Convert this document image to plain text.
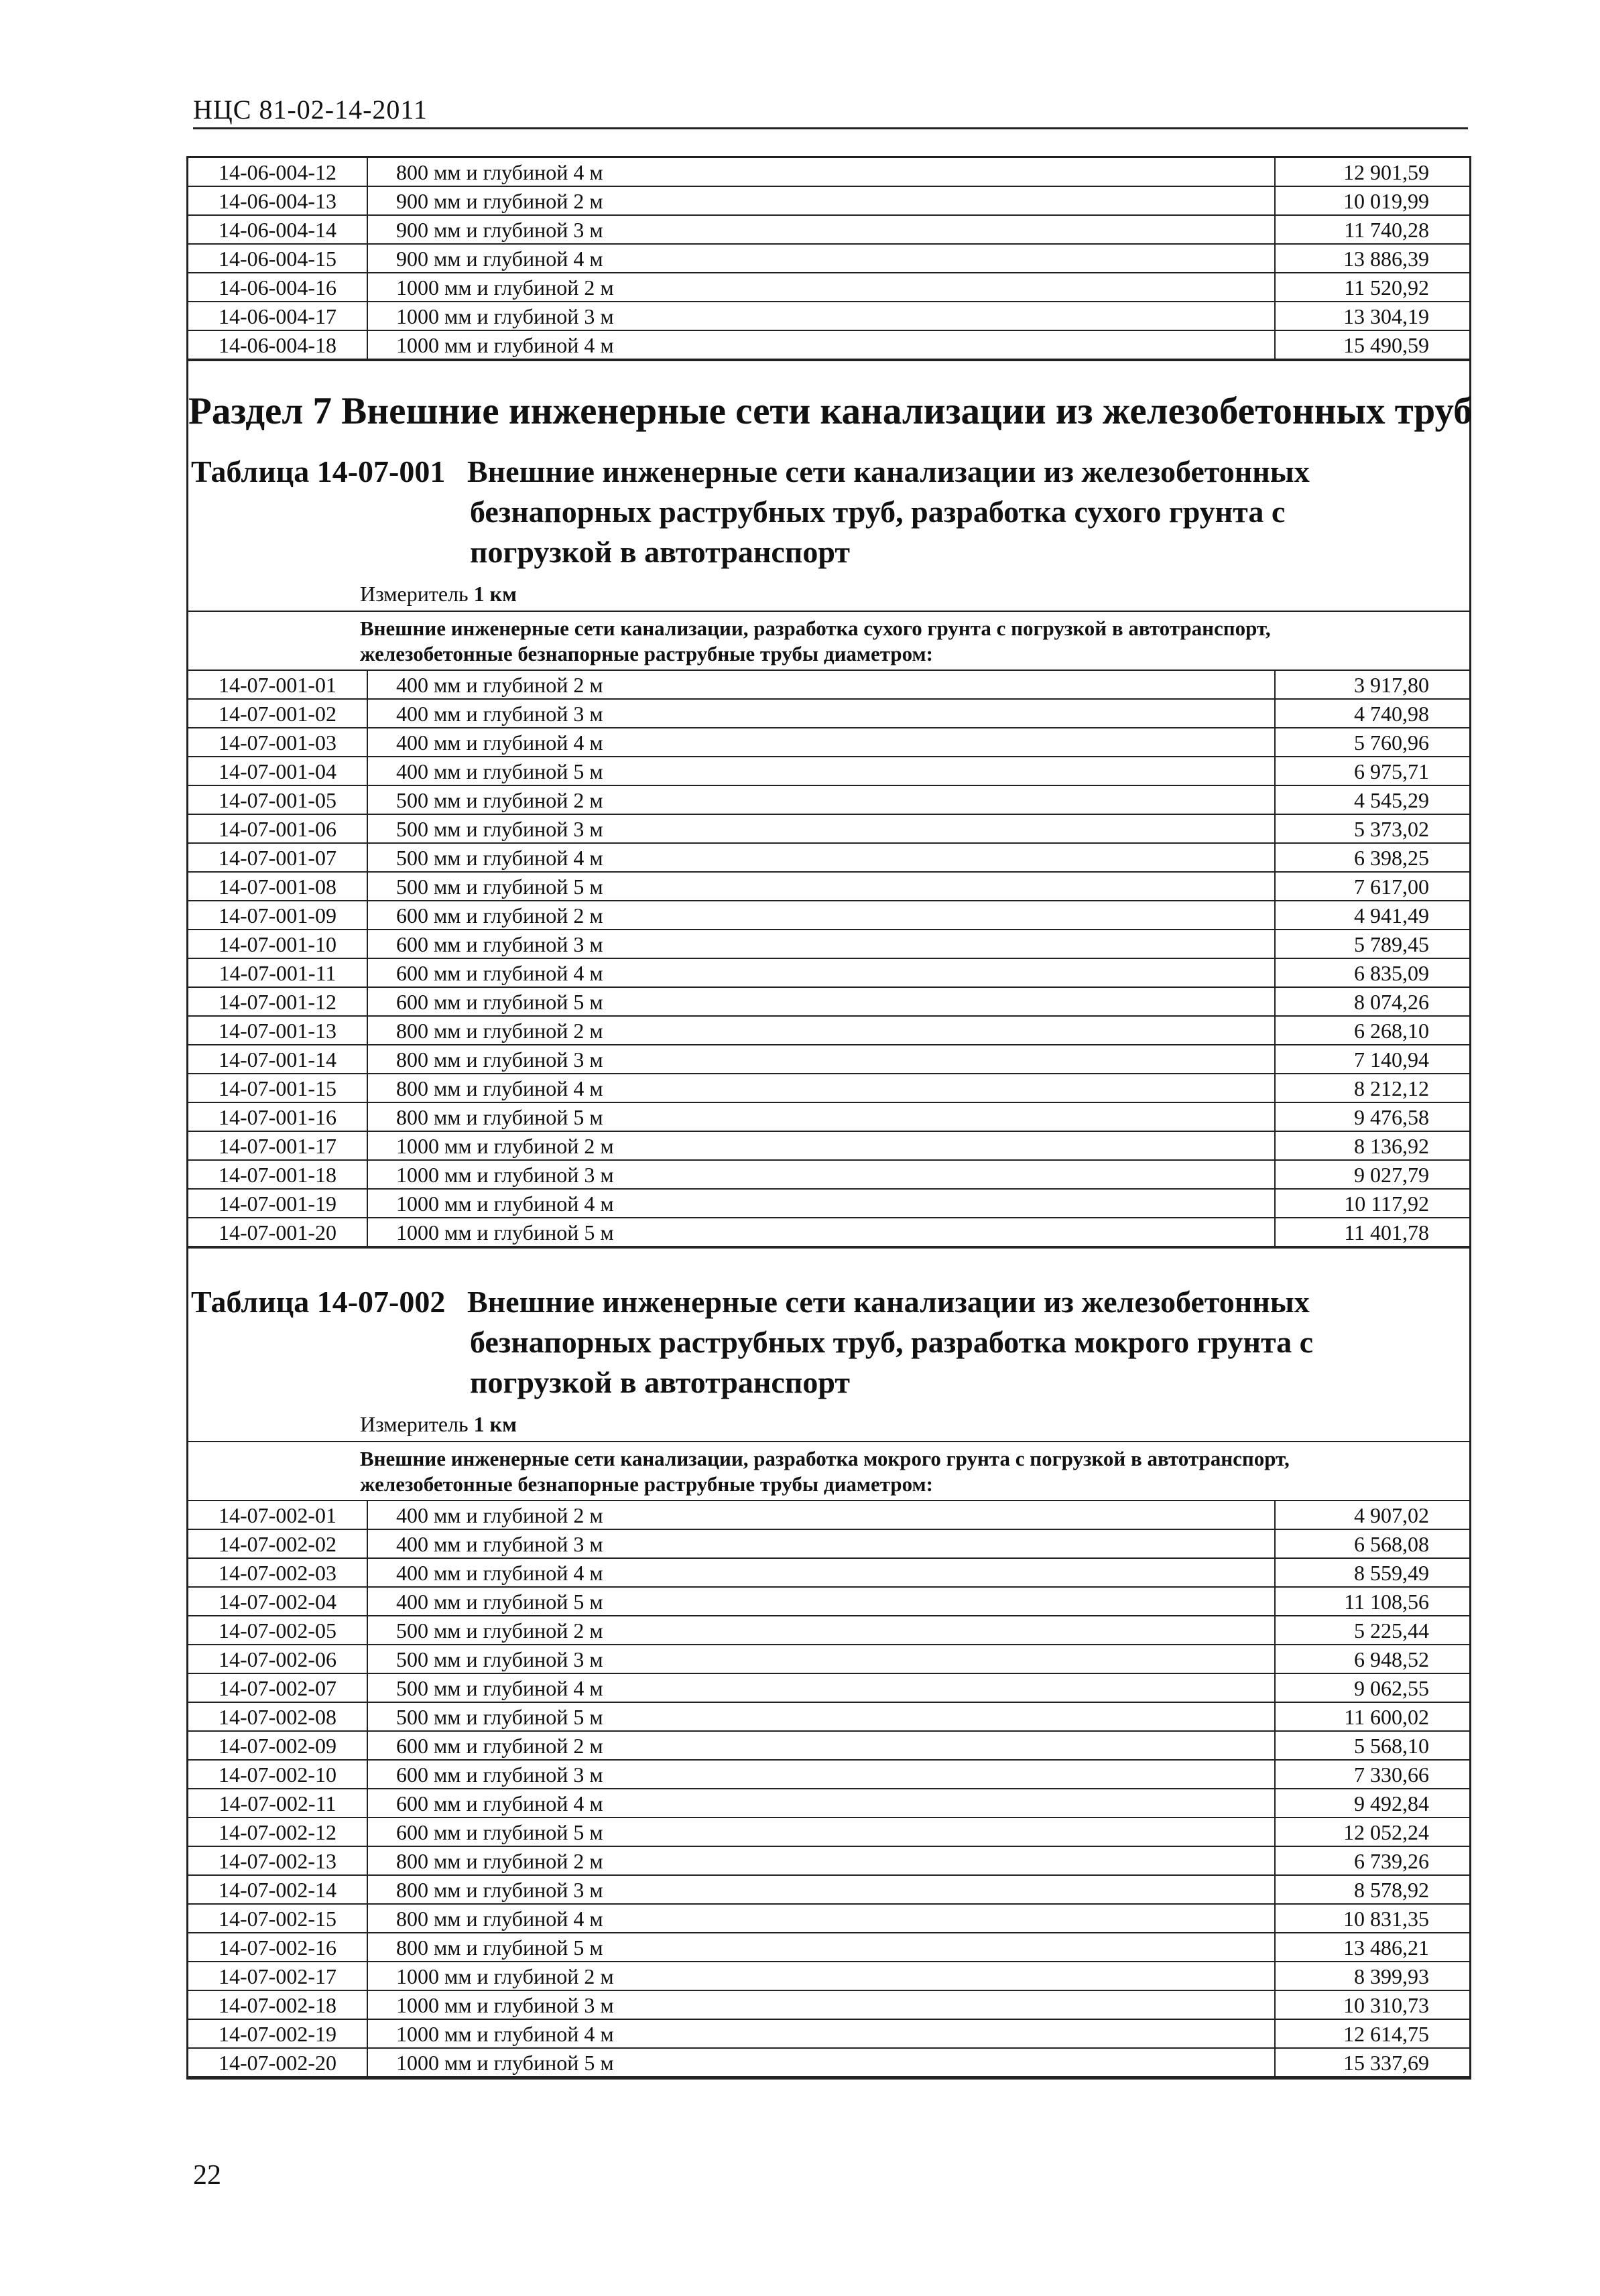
НЦС 81-02-14-2011
14-06-004-12	800 мм и глубиной 4 м	12 901,59
14-06-004-13	900 мм и глубиной 2 м	10 019,99
14-06-004-14	900 мм и глубиной 3 м	11 740,28
14-06-004-15	900 мм и глубиной 4 м	13 886,39
14-06-004-16	1000 мм и глубиной 2 м	11 520,92
14-06-004-17	1000 мм и глубиной 3 м	13 304,19
14-06-004-18	1000 мм и глубиной 4 м	15 490,59
Раздел 7 Внешние инженерные сети канализации из железобетонных труб
Таблица 14-07-001 Внешние инженерные сети канализации из железобетонных
безнапорных раструбных труб, разработка сухого грунта с
погрузкой в автотранспорт
Измеритель 1 км
Внешние инженерные сети канализации, разработка сухого грунта с погрузкой в автотранспорт,
железобетонные безнапорные раструбные трубы диаметром:
14-07-001-01	400 мм и глубиной 2 м	3 917,80
14-07-001-02	400 мм и глубиной 3 м	4 740,98
14-07-001-03	400 мм и глубиной 4 м	5 760,96
14-07-001-04	400 мм и глубиной 5 м	6 975,71
14-07-001-05	500 мм и глубиной 2 м	4 545,29
14-07-001-06	500 мм и глубиной 3 м	5 373,02
14-07-001-07	500 мм и глубиной 4 м	6 398,25
14-07-001-08	500 мм и глубиной 5 м	7 617,00
14-07-001-09	600 мм и глубиной 2 м	4 941,49
14-07-001-10	600 мм и глубиной 3 м	5 789,45
14-07-001-11	600 мм и глубиной 4 м	6 835,09
14-07-001-12	600 мм и глубиной 5 м	8 074,26
14-07-001-13	800 мм и глубиной 2 м	6 268,10
14-07-001-14	800 мм и глубиной 3 м	7 140,94
14-07-001-15	800 мм и глубиной 4 м	8 212,12
14-07-001-16	800 мм и глубиной 5 м	9 476,58
14-07-001-17	1000 мм и глубиной 2 м	8 136,92
14-07-001-18	1000 мм и глубиной 3 м	9 027,79
14-07-001-19	1000 мм и глубиной 4 м	10 117,92
14-07-001-20	1000 мм и глубиной 5 м	11 401,78
Таблица 14-07-002 Внешние инженерные сети канализации из железобетонных
безнапорных раструбных труб, разработка мокрого грунта с
погрузкой в автотранспорт
Измеритель 1 км
Внешние инженерные сети канализации, разработка мокрого грунта с погрузкой в автотранспорт,
железобетонные безнапорные раструбные трубы диаметром:
14-07-002-01	400 мм и глубиной 2 м	4 907,02
14-07-002-02	400 мм и глубиной 3 м	6 568,08
14-07-002-03	400 мм и глубиной 4 м	8 559,49
14-07-002-04	400 мм и глубиной 5 м	11 108,56
14-07-002-05	500 мм и глубиной 2 м	5 225,44
14-07-002-06	500 мм и глубиной 3 м	6 948,52
14-07-002-07	500 мм и глубиной 4 м	9 062,55
14-07-002-08	500 мм и глубиной 5 м	11 600,02
14-07-002-09	600 мм и глубиной 2 м	5 568,10
14-07-002-10	600 мм и глубиной 3 м	7 330,66
14-07-002-11	600 мм и глубиной 4 м	9 492,84
14-07-002-12	600 мм и глубиной 5 м	12 052,24
14-07-002-13	800 мм и глубиной 2 м	6 739,26
14-07-002-14	800 мм и глубиной 3 м	8 578,92
14-07-002-15	800 мм и глубиной 4 м	10 831,35
14-07-002-16	800 мм и глубиной 5 м	13 486,21
14-07-002-17	1000 мм и глубиной 2 м	8 399,93
14-07-002-18	1000 мм и глубиной 3 м	10 310,73
14-07-002-19	1000 мм и глубиной 4 м	12 614,75
14-07-002-20	1000 мм и глубиной 5 м	15 337,69
22
